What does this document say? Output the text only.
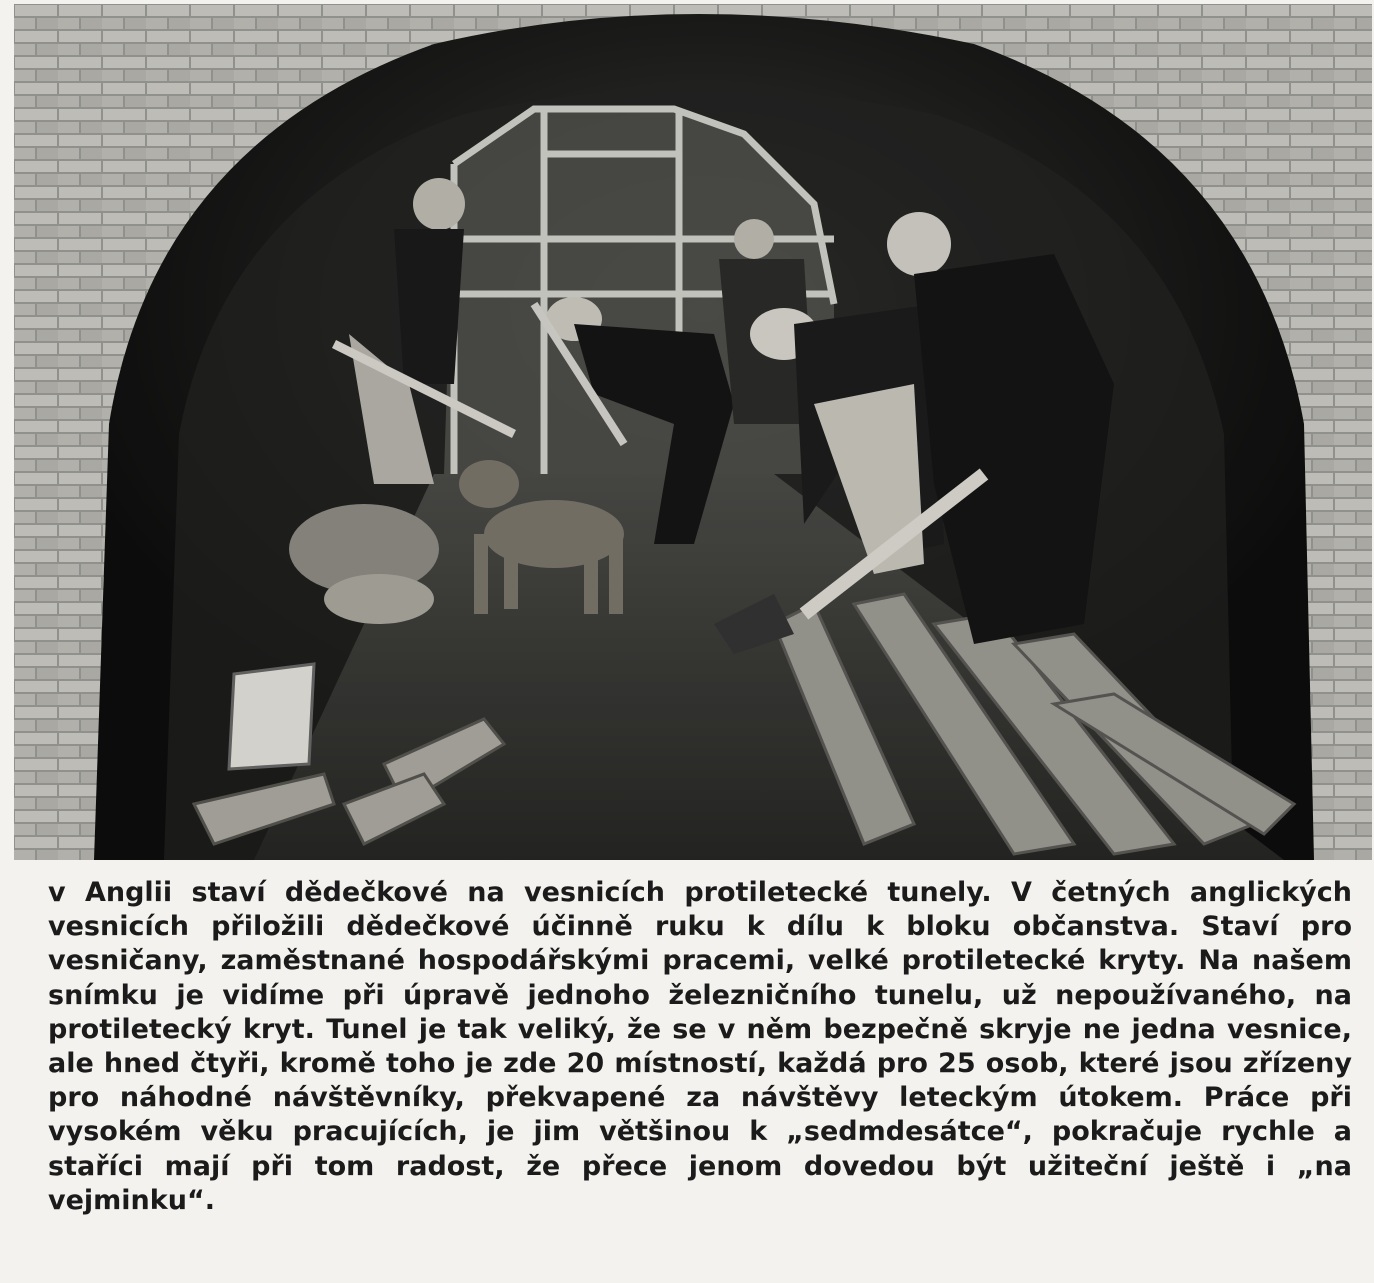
v Anglii staví dědečkové na vesnicích protiletecké tunely. V četných anglických vesnicích přiložili dědečkové účinně ruku k dílu k bloku občanstva. Staví pro vesničany, zaměstnané hospodářskými pracemi, velké protiletecké kryty. Na našem snímku je vidíme při úpravě jednoho železničního tunelu, už nepoužívaného, na protiletecký kryt. Tunel je tak veliký, že se v něm bezpečně skryje ne jedna vesnice, ale hned čtyři, kromě toho je zde 20 místností, každá pro 25 osob, které jsou zřízeny pro náhodné návštěvníky, překvapené za návštěvy leteckým útokem. Práce při vysokém věku pracujících, je jim většinou k „sedmdesátce“, pokračuje rychle a staříci mají při tom radost, že přece jenom dovedou být užiteční ještě i „na vejminku“.
